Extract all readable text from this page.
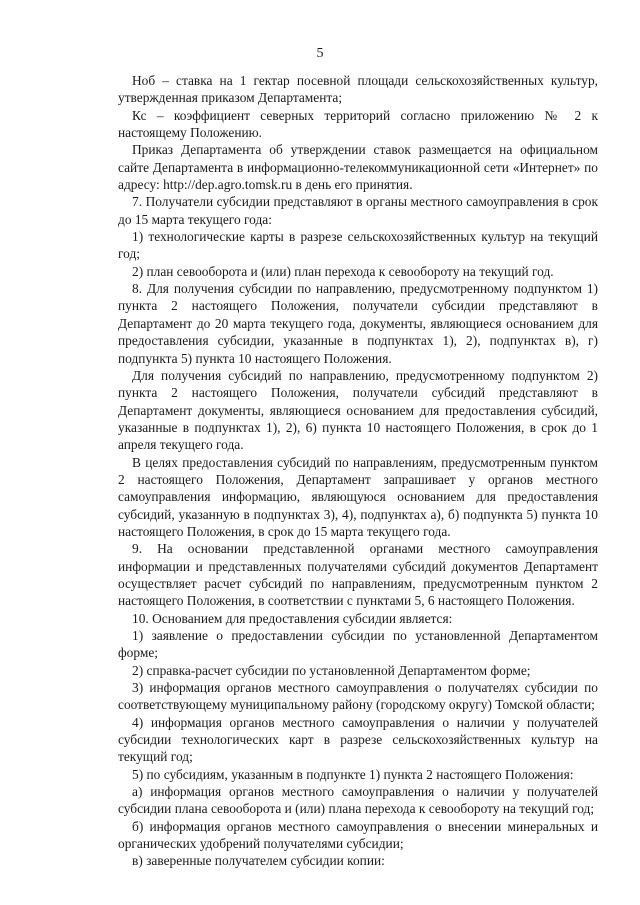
5

Ноб – ставка на 1 гектар посевной площади сельскохозяйственных культур, утвержденная приказом Департамента;

Кс – коэффициент северных территорий согласно приложению № 2 к настоящему Положению.

Приказ Департамента об утверждении ставок размещается на официальном сайте Департамента в информационно-телекоммуникационной сети «Интернет» по адресу: http://dep.agro.tomsk.ru в день его принятия.

7. Получатели субсидии представляют в органы местного самоуправления в срок до 15 марта текущего года:

1) технологические карты в разрезе сельскохозяйственных культур на текущий год;

2) план севооборота и (или) план перехода к севообороту на текущий год.

8. Для получения субсидии по направлению, предусмотренному подпунктом 1) пункта 2 настоящего Положения, получатели субсидии представляют в Департамент до 20 марта текущего года, документы, являющиеся основанием для предоставления субсидии, указанные в подпунктах 1), 2), подпунктах в), г) подпункта 5) пункта 10 настоящего Положения.

Для получения субсидий по направлению, предусмотренному подпунктом 2) пункта 2 настоящего Положения, получатели субсидий представляют в Департамент документы, являющиеся основанием для предоставления субсидий, указанные в подпунктах 1), 2), 6) пункта 10 настоящего Положения, в срок до 1 апреля текущего года.

В целях предоставления субсидий по направлениям, предусмотренным пунктом 2 настоящего Положения, Департамент запрашивает у органов местного самоуправления информацию, являющуюся основанием для предоставления субсидий, указанную в подпунктах 3), 4), подпунктах а), б) подпункта 5) пункта 10 настоящего Положения, в срок до 15 марта текущего года.

9. На основании представленной органами местного самоуправления информации и представленных получателями субсидий документов Департамент осуществляет расчет субсидий по направлениям, предусмотренным пунктом 2 настоящего Положения, в соответствии с пунктами 5, 6 настоящего Положения.

10. Основанием для предоставления субсидии является:

1) заявление о предоставлении субсидии по установленной Департаментом форме;

2) справка-расчет субсидии по установленной Департаментом форме;

3) информация органов местного самоуправления о получателях субсидии по соответствующему муниципальному району (городскому округу) Томской области;

4) информация органов местного самоуправления о наличии у получателей субсидии технологических карт в разрезе сельскохозяйственных культур на текущий год;

5) по субсидиям, указанным в подпункте 1) пункта 2 настоящего Положения:

а) информация органов местного самоуправления о наличии у получателей субсидии плана севооборота и (или) плана перехода к севообороту на текущий год;

б) информация органов местного самоуправления о внесении минеральных и органических удобрений получателями субсидии;

в) заверенные получателем субсидии копии:
